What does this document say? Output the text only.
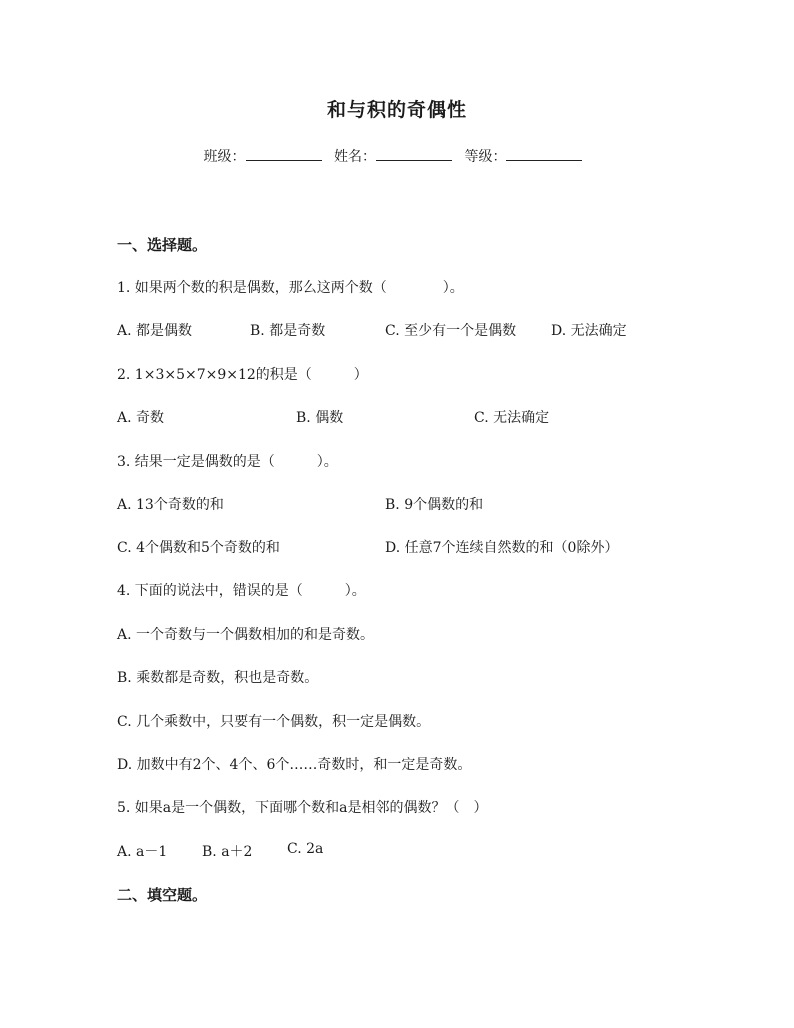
和与积的奇偶性
班级：	姓名：	等级：
一、选择题。
1. 如果两个数的积是偶数，那么这两个数（　　　　）。
A. 都是偶数	B. 都是奇数	C. 至少有一个是偶数 D. 无法确定
2. 1×3×5×7×9×12的积是（　　　）
A. 奇数	B. 偶数	C. 无法确定
3. 结果一定是偶数的是（　　　）。
A. 13个奇数的和	B. 9个偶数的和
C. 4个偶数和5个奇数的和	D. 任意7个连续自然数的和（0除外）
4. 下面的说法中，错误的是（　　　）。
A. 一个奇数与一个偶数相加的和是奇数。
B. 乘数都是奇数，积也是奇数。
C. 几个乘数中，只要有一个偶数，积一定是偶数。
D. 加数中有2个、4个、6个……奇数时，和一定是奇数。
5. 如果a是一个偶数，下面哪个数和a是相邻的偶数？（　）
A. a－1 B. a＋2 C. 2a
二、填空题。
